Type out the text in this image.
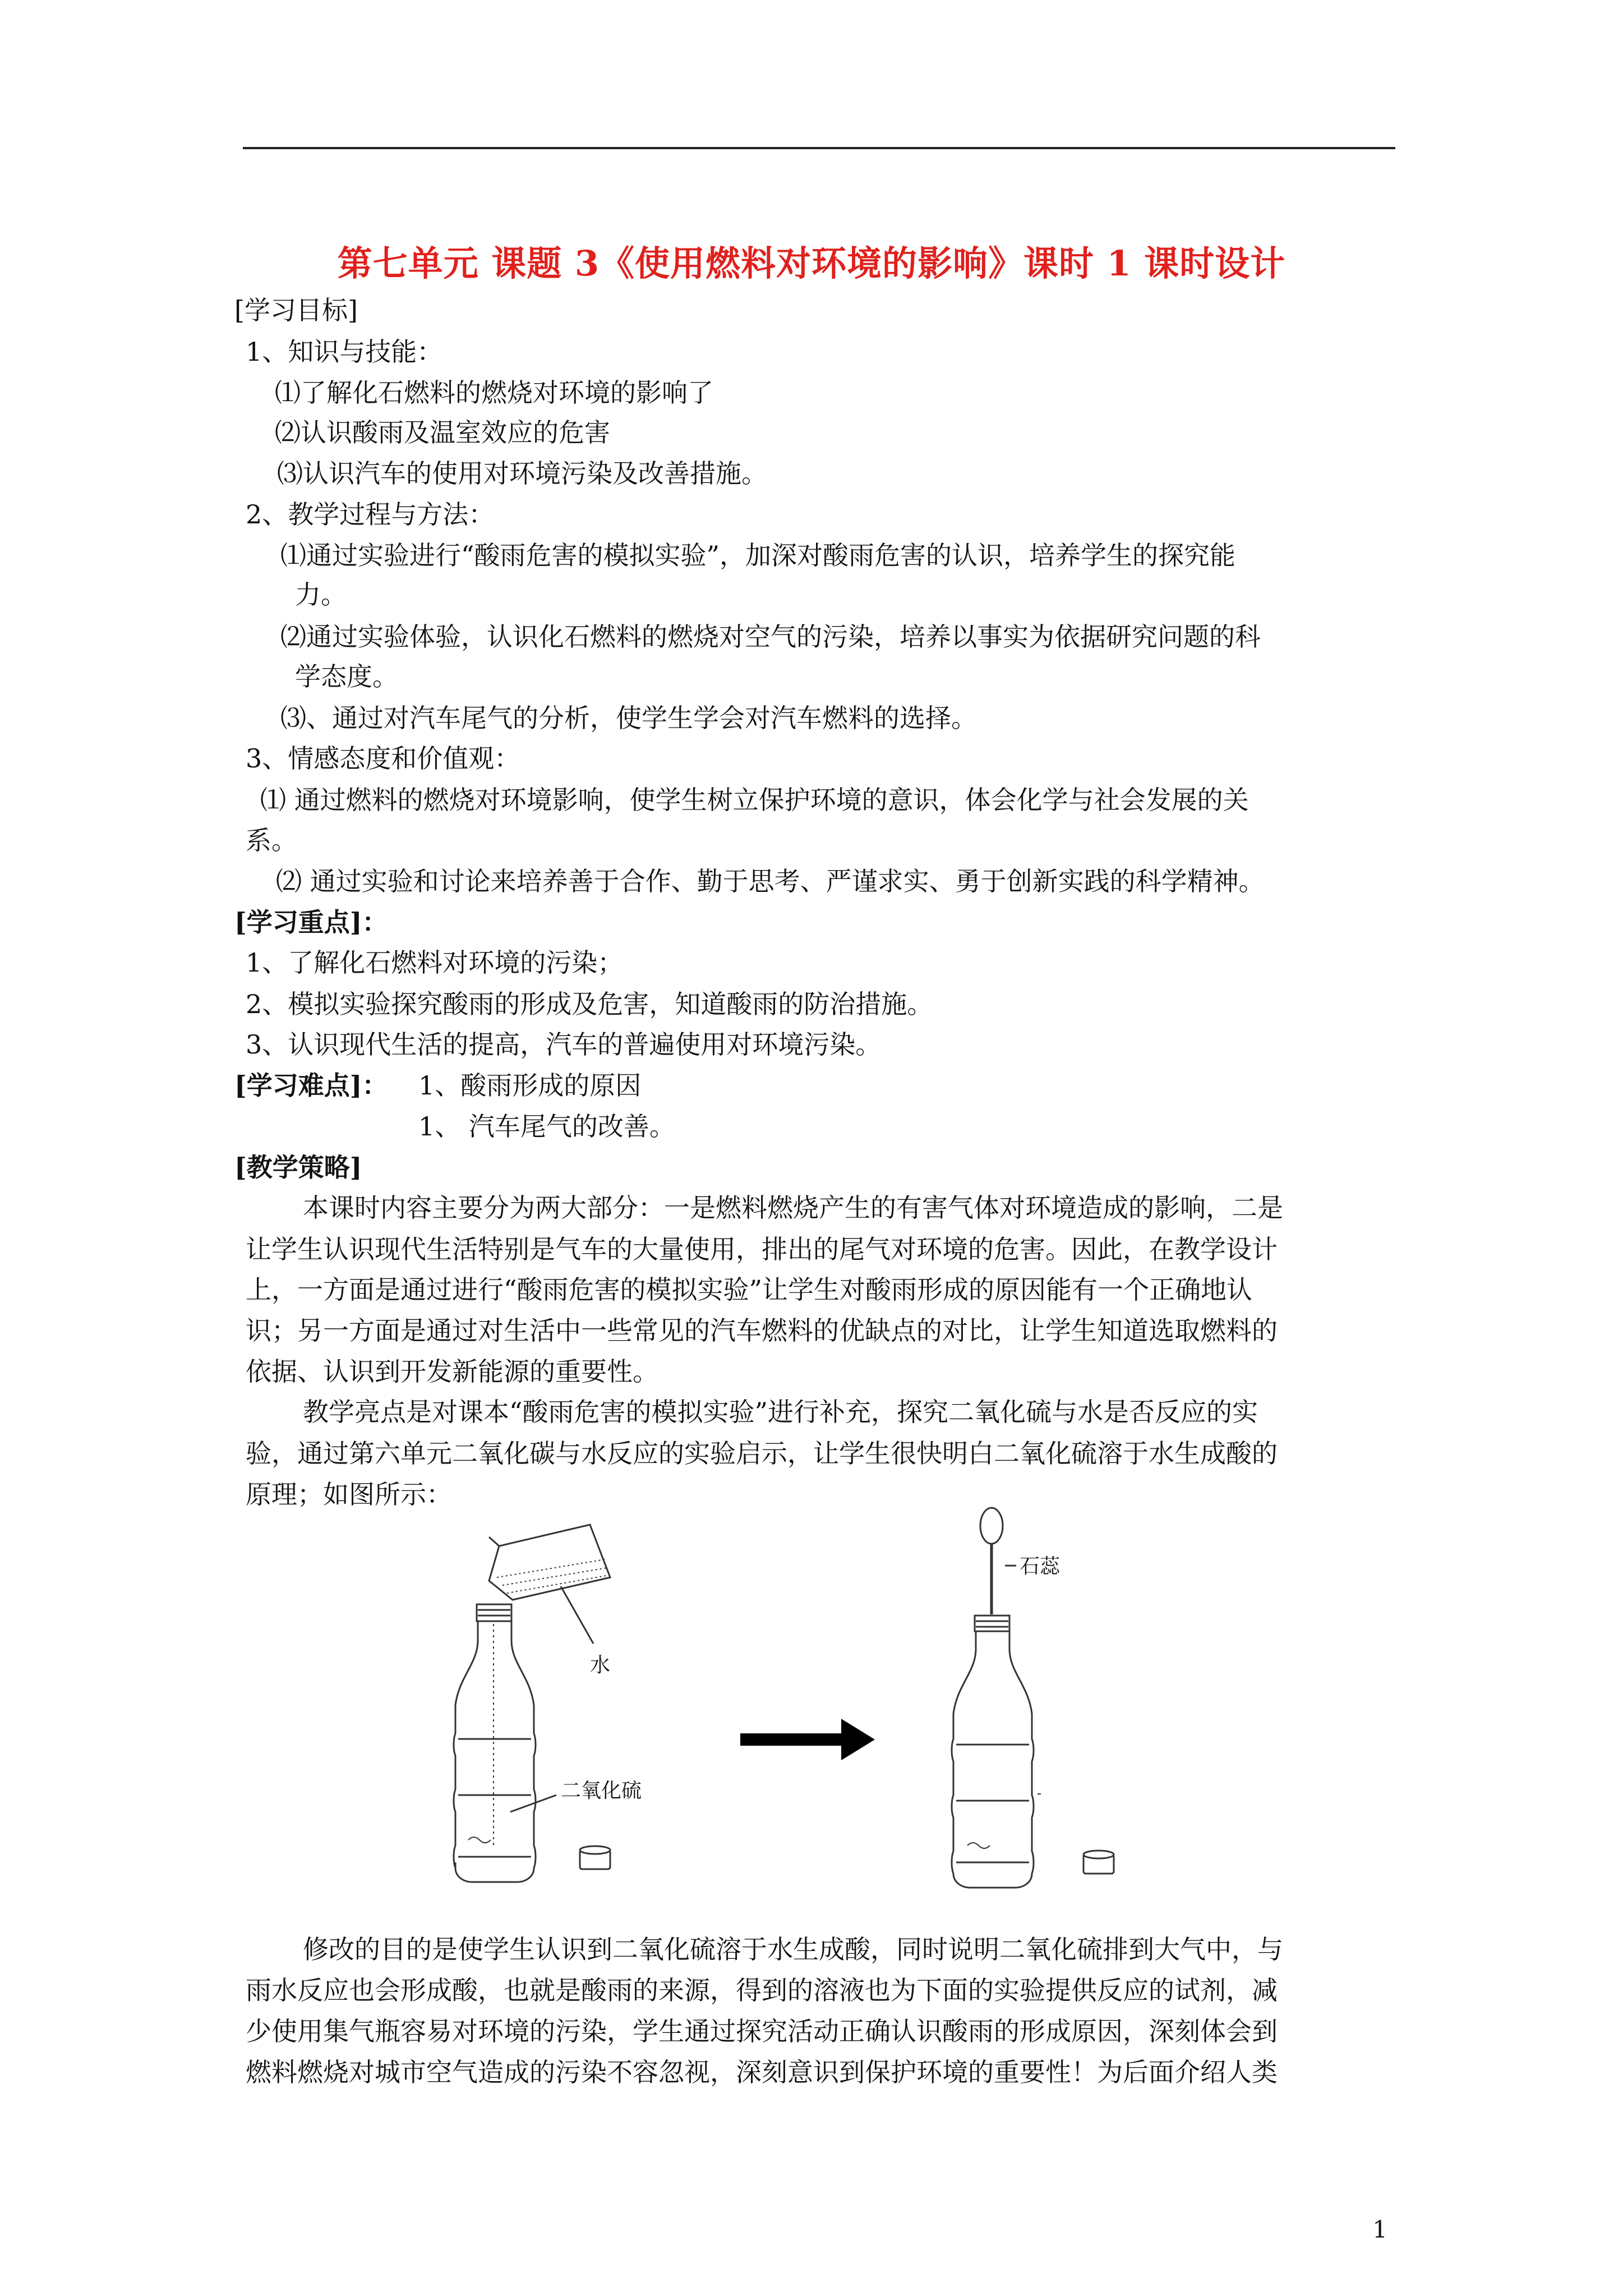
第七单元 课题 3《使用燃料对环境的影响》课时 1 课时设计
[学习目标]
1、知识与技能：
⑴了解化石燃料的燃烧对环境的影响了
⑵认识酸雨及温室效应的危害
⑶认识汽车的使用对环境污染及改善措施。
2、教学过程与方法：
⑴通过实验进行“酸雨危害的模拟实验”，加深对酸雨危害的认识，培养学生的探究能
力。
⑵通过实验体验，认识化石燃料的燃烧对空气的污染，培养以事实为依据研究问题的科
学态度。
⑶、通过对汽车尾气的分析，使学生学会对汽车燃料的选择。
3、情感态度和价值观：
⑴ 通过燃料的燃烧对环境影响，使学生树立保护环境的意识，体会化学与社会发展的关
系。
⑵ 通过实验和讨论来培养善于合作、勤于思考、严谨求实、勇于创新实践的科学精神。
[学习重点]：
1、了解化石燃料对环境的污染；
2、模拟实验探究酸雨的形成及危害，知道酸雨的防治措施。
3、认识现代生活的提高，汽车的普遍使用对环境污染。
[学习难点]： 1、酸雨形成的原因
1、 汽车尾气的改善。
[教学策略]
本课时内容主要分为两大部分：一是燃料燃烧产生的有害气体对环境造成的影响，二是
让学生认识现代生活特别是气车的大量使用，排出的尾气对环境的危害。因此，在教学设计
上，一方面是通过进行“酸雨危害的模拟实验”让学生对酸雨形成的原因能有一个正确地认
识；另一方面是通过对生活中一些常见的汽车燃料的优缺点的对比，让学生知道选取燃料的
依据、认识到开发新能源的重要性。
教学亮点是对课本“酸雨危害的模拟实验”进行补充，探究二氧化硫与水是否反应的实
验，通过第六单元二氧化碳与水反应的实验启示，让学生很快明白二氧化硫溶于水生成酸的
原理；如图所示：
水
二氧化硫
石蕊
修改的目的是使学生认识到二氧化硫溶于水生成酸，同时说明二氧化硫排到大气中，与
雨水反应也会形成酸，也就是酸雨的来源，得到的溶液也为下面的实验提供反应的试剂，减
少使用集气瓶容易对环境的污染，学生通过探究活动正确认识酸雨的形成原因，深刻体会到
燃料燃烧对城市空气造成的污染不容忽视，深刻意识到保护环境的重要性！为后面介绍人类
1
